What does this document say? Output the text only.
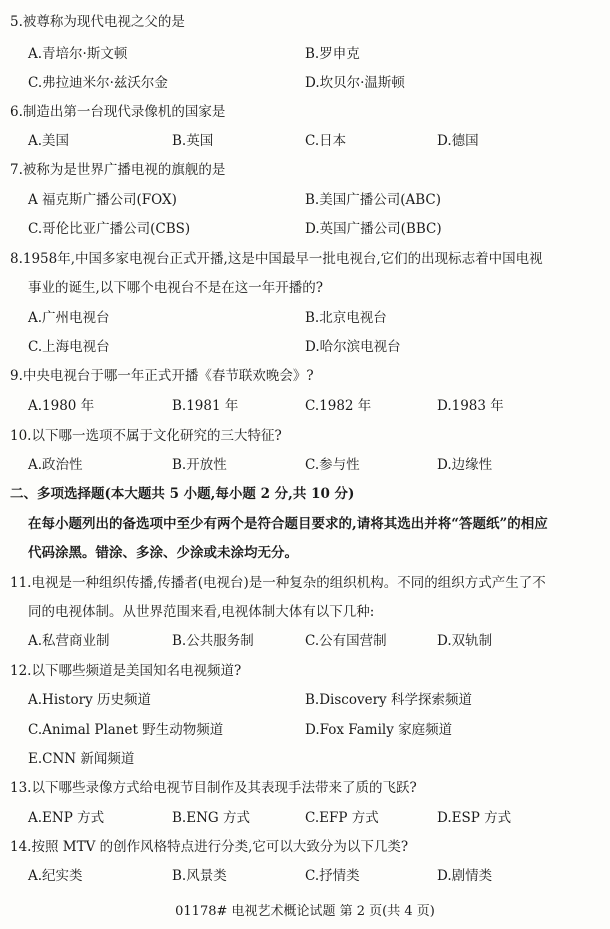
5.被尊称为现代电视之父的是
A.青培尔·斯文顿	B.罗申克
C.弗拉迪米尔·兹沃尔金	D.坎贝尔·温斯顿
6.制造出第一台现代录像机的国家是
A.美国	B.英国	C.日本	D.德国
7.被称为是世界广播电视的旗舰的是
A 福克斯广播公司(FOX)	B.美国广播公司(ABC)
C.哥伦比亚广播公司(CBS)	D.英国广播公司(BBC)
8.1958年,中国多家电视台正式开播,这是中国最早一批电视台,它们的出现标志着中国电视
事业的诞生,以下哪个电视台不是在这一年开播的?
A.广州电视台	B.北京电视台
C.上海电视台	D.哈尔滨电视台
9.中央电视台于哪一年正式开播《春节联欢晚会》?
A.1980 年	B.1981 年	C.1982 年	D.1983 年
10.以下哪一选项不属于文化研究的三大特征?
A.政治性	B.开放性	C.参与性	D.边缘性
二、多项选择题(本大题共 5 小题,每小题 2 分,共 10 分)
在每小题列出的备选项中至少有两个是符合题目要求的,请将其选出并将“答题纸”的相应
代码涂黑。错涂、多涂、少涂或未涂均无分。
11.电视是一种组织传播,传播者(电视台)是一种复杂的组织机构。不同的组织方式产生了不
同的电视体制。从世界范围来看,电视体制大体有以下几种:
A.私营商业制	B.公共服务制	C.公有国营制	D.双轨制
12.以下哪些频道是美国知名电视频道?
A.History 历史频道	B.Discovery 科学探索频道
C.Animal Planet 野生动物频道	D.Fox Family 家庭频道
E.CNN 新闻频道
13.以下哪些录像方式给电视节目制作及其表现手法带来了质的飞跃?
A.ENP 方式	B.ENG 方式	C.EFP 方式	D.ESP 方式
14.按照 MTV 的创作风格特点进行分类,它可以大致分为以下几类?
A.纪实类	B.风景类	C.抒情类	D.剧情类
01178# 电视艺术概论试题 第 2 页(共 4 页)
